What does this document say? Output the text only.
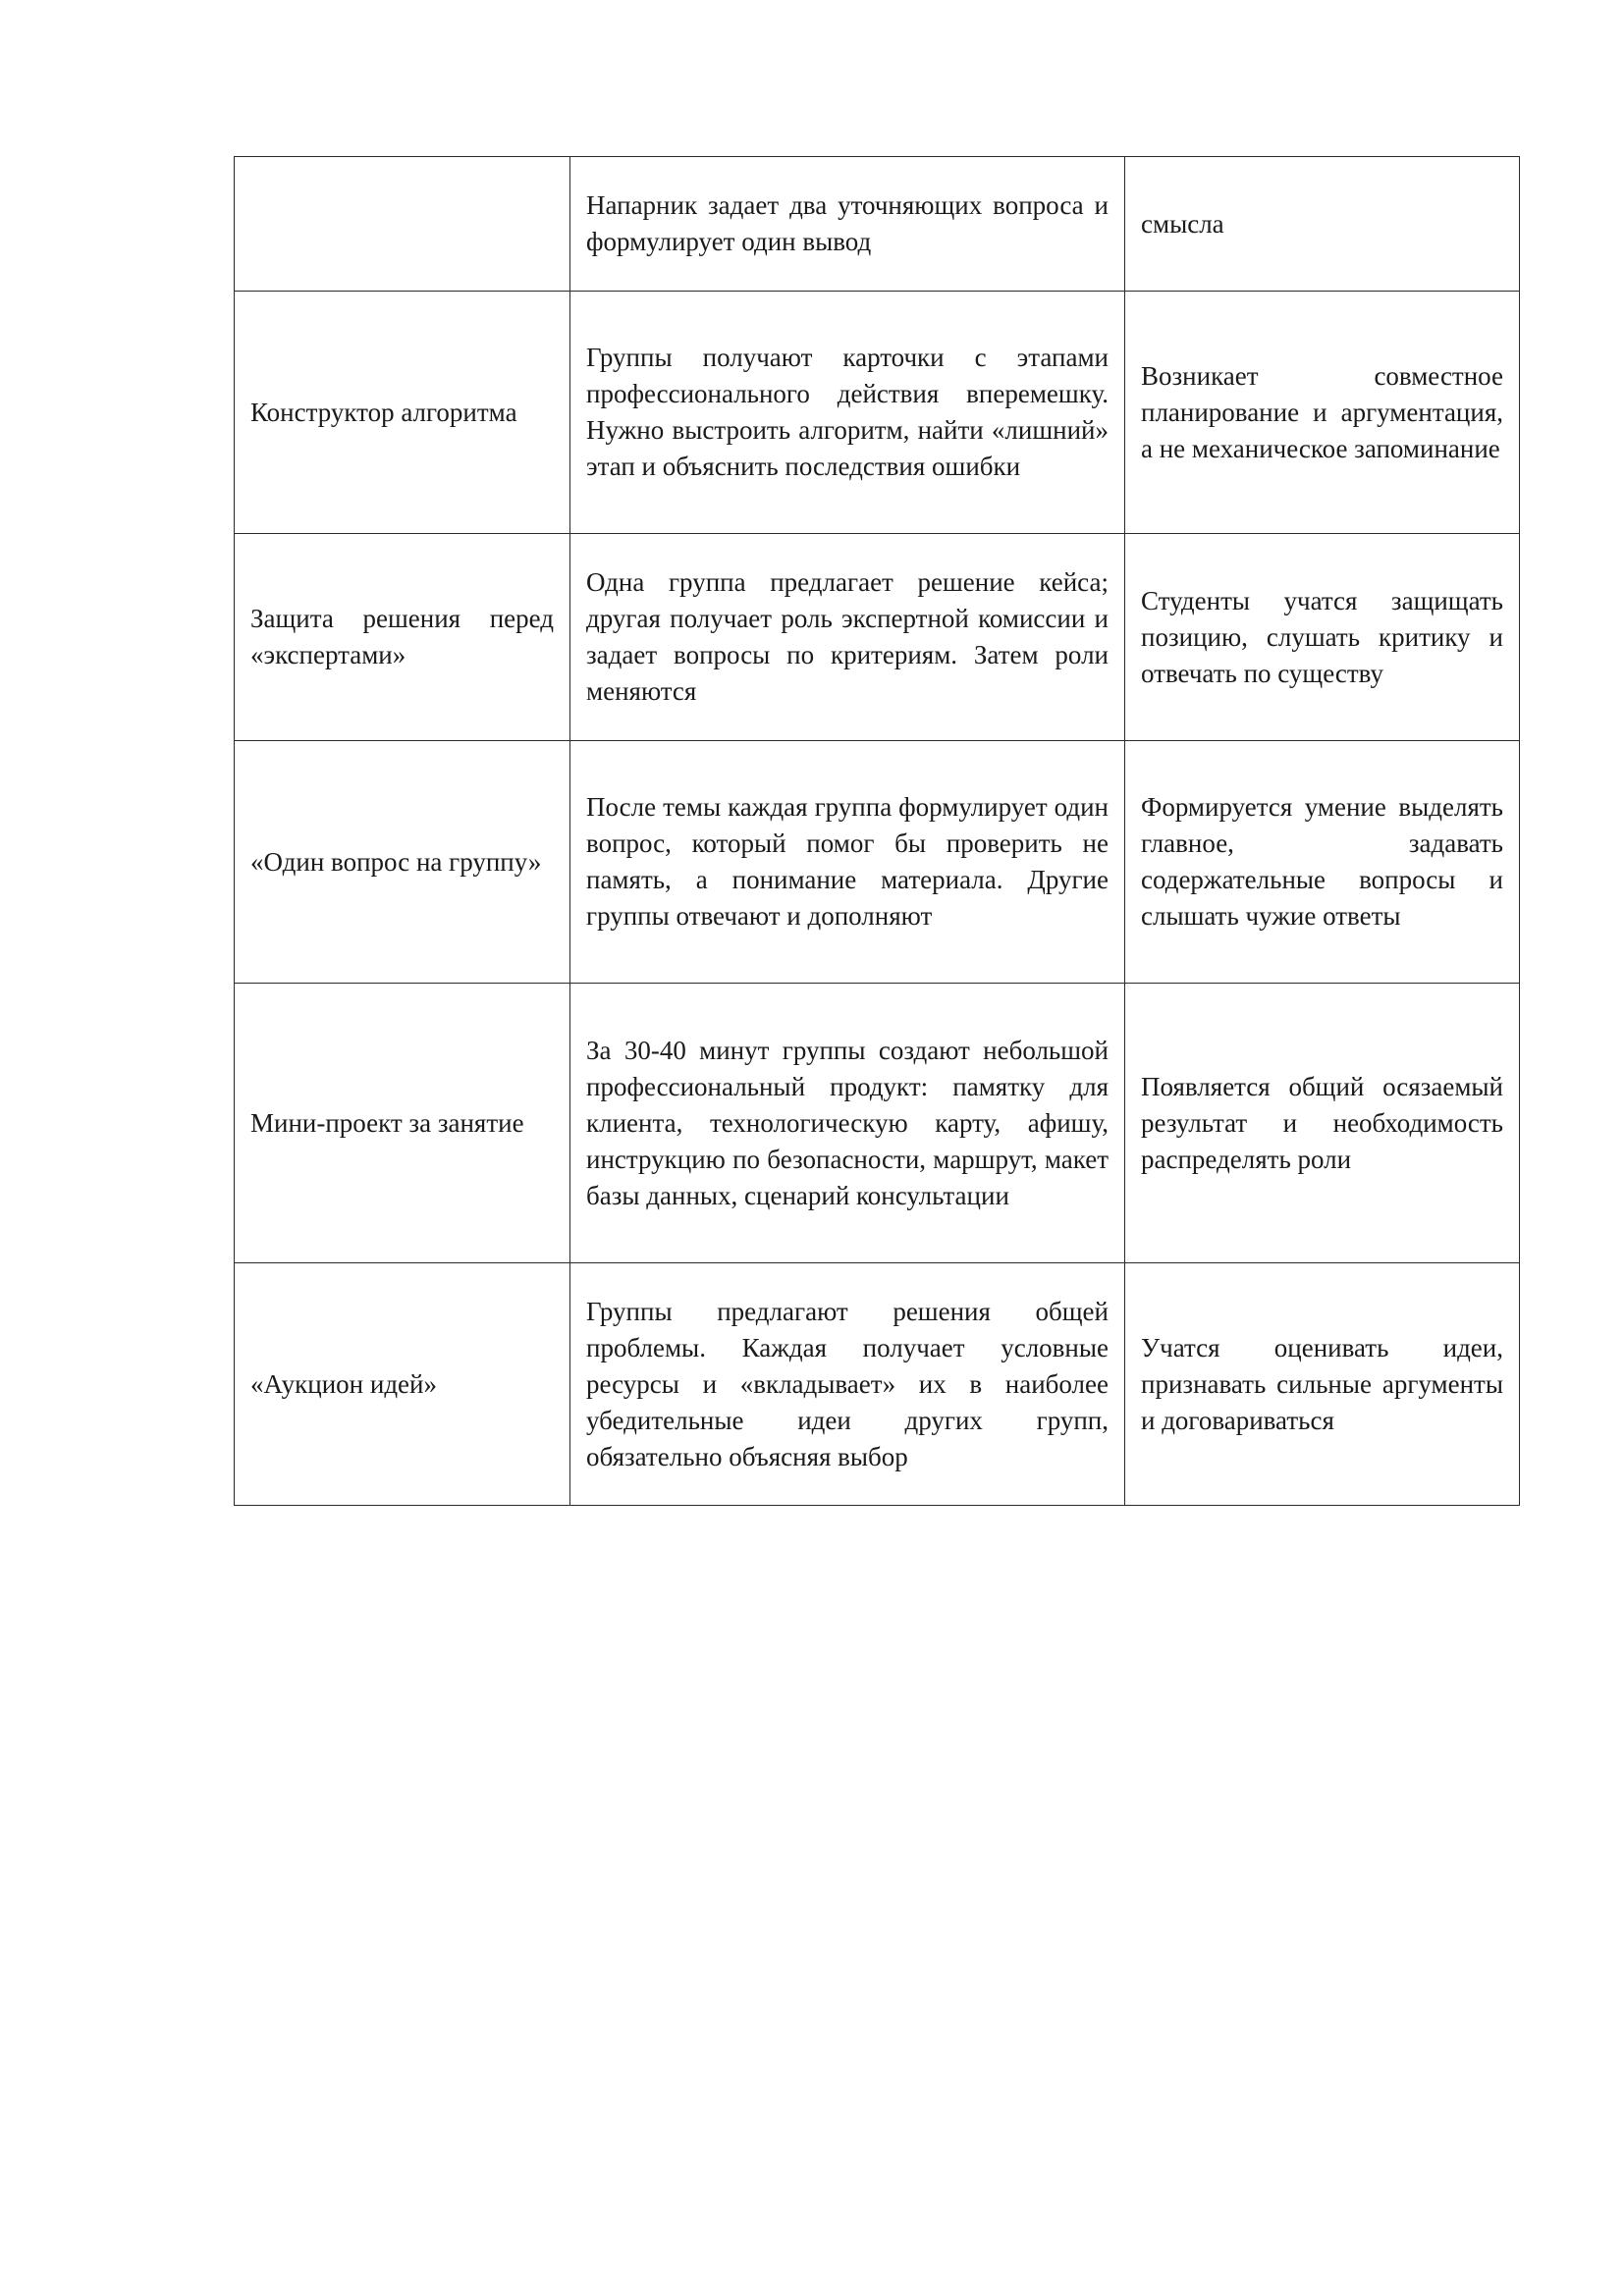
	Напарник задает два уточняющих вопроса и формулирует один вывод	смысла

Конструктор алгоритма	Группы получают карточки с этапами профессионального действия вперемешку. Нужно выстроить алгоритм, найти «лишний» этап и объяснить последствия ошибки	Возникает совместное планирование и аргументация, а не механическое запоминание

Защита решения перед «экспертами»	Одна группа предлагает решение кейса; другая получает роль экспертной комиссии и задает вопросы по критериям. Затем роли меняются	Студенты учатся защищать позицию, слушать критику и отвечать по существу

«Один вопрос на группу»	После темы каждая группа формулирует один вопрос, который помог бы проверить не память, а понимание материала. Другие группы отвечают и дополняют	Формируется умение выделять главное, задавать содержательные вопросы и слышать чужие ответы

Мини-проект за занятие	За 30-40 минут группы создают небольшой профессиональный продукт: памятку для клиента, технологическую карту, афишу, инструкцию по безопасности, маршрут, макет базы данных, сценарий консультации	Появляется общий осязаемый результат и необходимость распределять роли

«Аукцион идей»	Группы предлагают решения общей проблемы. Каждая получает условные ресурсы и «вкладывает» их в наиболее убедительные идеи других групп, обязательно объясняя выбор	Учатся оценивать идеи, признавать сильные аргументы и договариваться
